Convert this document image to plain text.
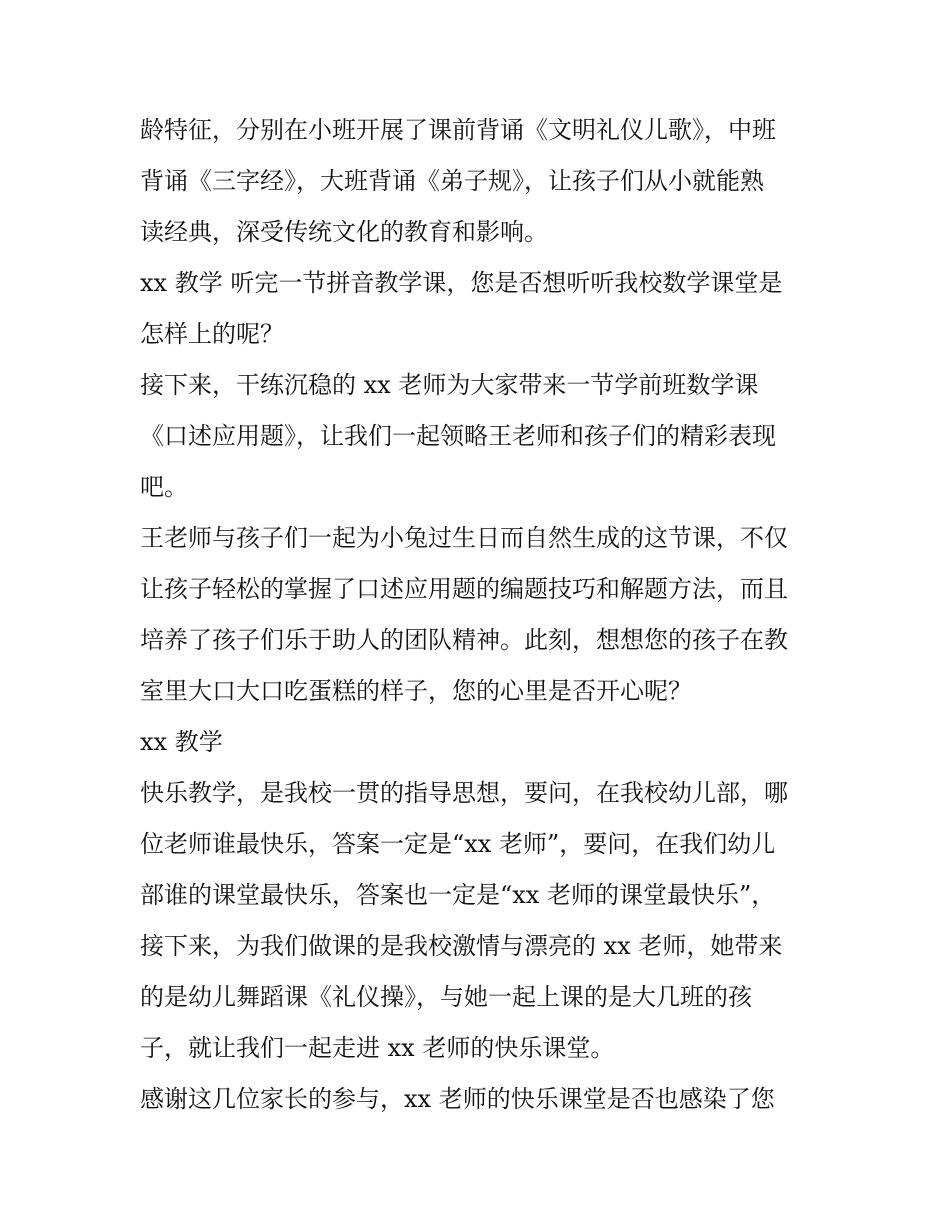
龄特征，分别在小班开展了课前背诵《文明礼仪儿歌》，中班
背诵《三字经》，大班背诵《弟子规》，让孩子们从小就能熟
读经典，深受传统文化的教育和影响。
xx 教学 听完一节拼音教学课，您是否想听听我校数学课堂是
怎样上的呢？
接下来，干练沉稳的 xx 老师为大家带来一节学前班数学课
《口述应用题》，让我们一起领略王老师和孩子们的精彩表现
吧。
王老师与孩子们一起为小兔过生日而自然生成的这节课，不仅
让孩子轻松的掌握了口述应用题的编题技巧和解题方法，而且
培养了孩子们乐于助人的团队精神。此刻，想想您的孩子在教
室里大口大口吃蛋糕的样子，您的心里是否开心呢？
xx 教学
快乐教学，是我校一贯的指导思想，要问，在我校幼儿部，哪
位老师谁最快乐，答案一定是“xx 老师”，要问，在我们幼儿
部谁的课堂最快乐，答案也一定是“xx 老师的课堂最快乐”，
接下来，为我们做课的是我校激情与漂亮的 xx 老师，她带来
的是幼儿舞蹈课《礼仪操》，与她一起上课的是大几班的孩
子，就让我们一起走进 xx 老师的快乐课堂。
感谢这几位家长的参与，xx 老师的快乐课堂是否也感染了您
